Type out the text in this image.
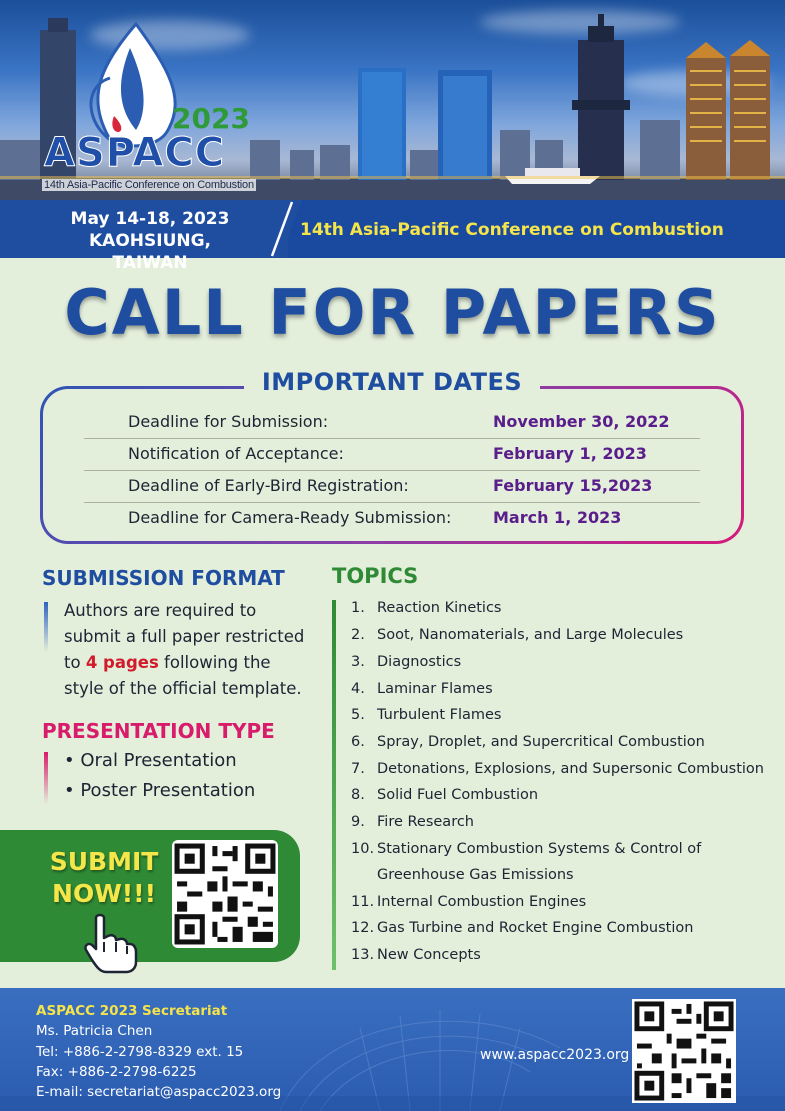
2023
ASPACC
14th Asia-Pacific Conference on Combustion
May 14-18, 2023
KAOHSIUNG, TAIWAN
14th Asia-Pacific Conference on Combustion
CALL FOR PAPERS
IMPORTANT DATES
Deadline for Submission:	November 30, 2022
Notification of Acceptance:	February 1, 2023
Deadline of Early-Bird Registration:	February 15,2023
Deadline for Camera-Ready Submission:	March 1, 2023
SUBMISSION FORMAT
Authors are required to submit a full paper restricted to 4 pages following the style of the official template.
PRESENTATION TYPE
• Oral Presentation
• Poster Presentation
SUBMIT
NOW!!!
TOPICS
1. Reaction Kinetics
2. Soot, Nanomaterials, and Large Molecules
3. Diagnostics
4. Laminar Flames
5. Turbulent Flames
6. Spray, Droplet, and Supercritical Combustion
7. Detonations, Explosions, and Supersonic Combustion
8. Solid Fuel Combustion
9. Fire Research
10. Stationary Combustion Systems & Control of
Greenhouse Gas Emissions
11. Internal Combustion Engines
12. Gas Turbine and Rocket Engine Combustion
13. New Concepts
ASPACC 2023 Secretariat
Ms. Patricia Chen
Tel: +886-2-2798-8329 ext. 15
Fax: +886-2-2798-6225
E-mail: secretariat@aspacc2023.org
www.aspacc2023.org
